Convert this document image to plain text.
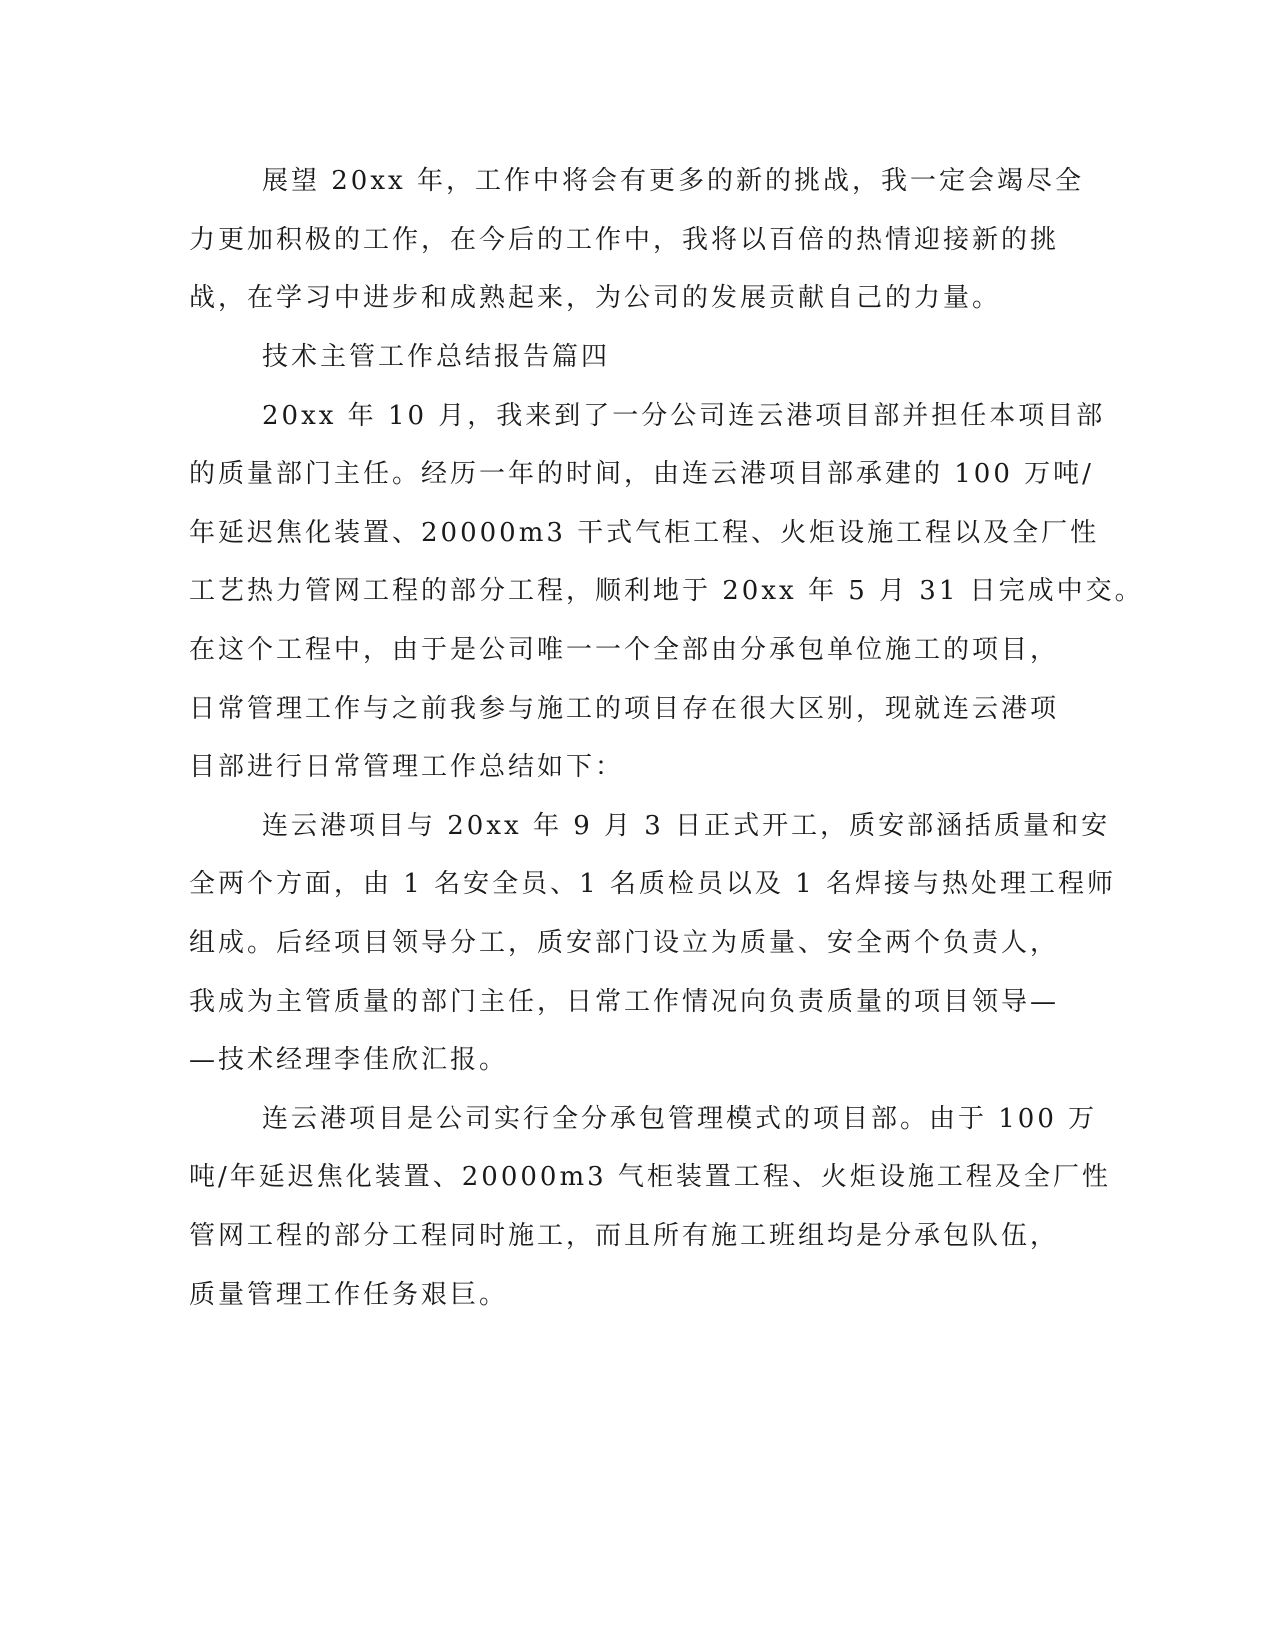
展望 20xx 年，工作中将会有更多的新的挑战，我一定会竭尽全
力更加积极的工作，在今后的工作中，我将以百倍的热情迎接新的挑
战，在学习中进步和成熟起来，为公司的发展贡献自己的力量。
技术主管工作总结报告篇四
20xx 年 10 月，我来到了一分公司连云港项目部并担任本项目部
的质量部门主任。经历一年的时间，由连云港项目部承建的 100 万吨/
年延迟焦化装置、20000m3 干式气柜工程、火炬设施工程以及全厂性
工艺热力管网工程的部分工程，顺利地于 20xx 年 5 月 31 日完成中交。
在这个工程中，由于是公司唯一一个全部由分承包单位施工的项目，
日常管理工作与之前我参与施工的项目存在很大区别，现就连云港项
目部进行日常管理工作总结如下：
连云港项目与 20xx 年 9 月 3 日正式开工，质安部涵括质量和安
全两个方面，由 1 名安全员、1 名质检员以及 1 名焊接与热处理工程师
组成。后经项目领导分工，质安部门设立为质量、安全两个负责人，
我成为主管质量的部门主任，日常工作情况向负责质量的项目领导—
—技术经理李佳欣汇报。
连云港项目是公司实行全分承包管理模式的项目部。由于 100 万
吨/年延迟焦化装置、20000m3 气柜装置工程、火炬设施工程及全厂性
管网工程的部分工程同时施工，而且所有施工班组均是分承包队伍，
质量管理工作任务艰巨。
